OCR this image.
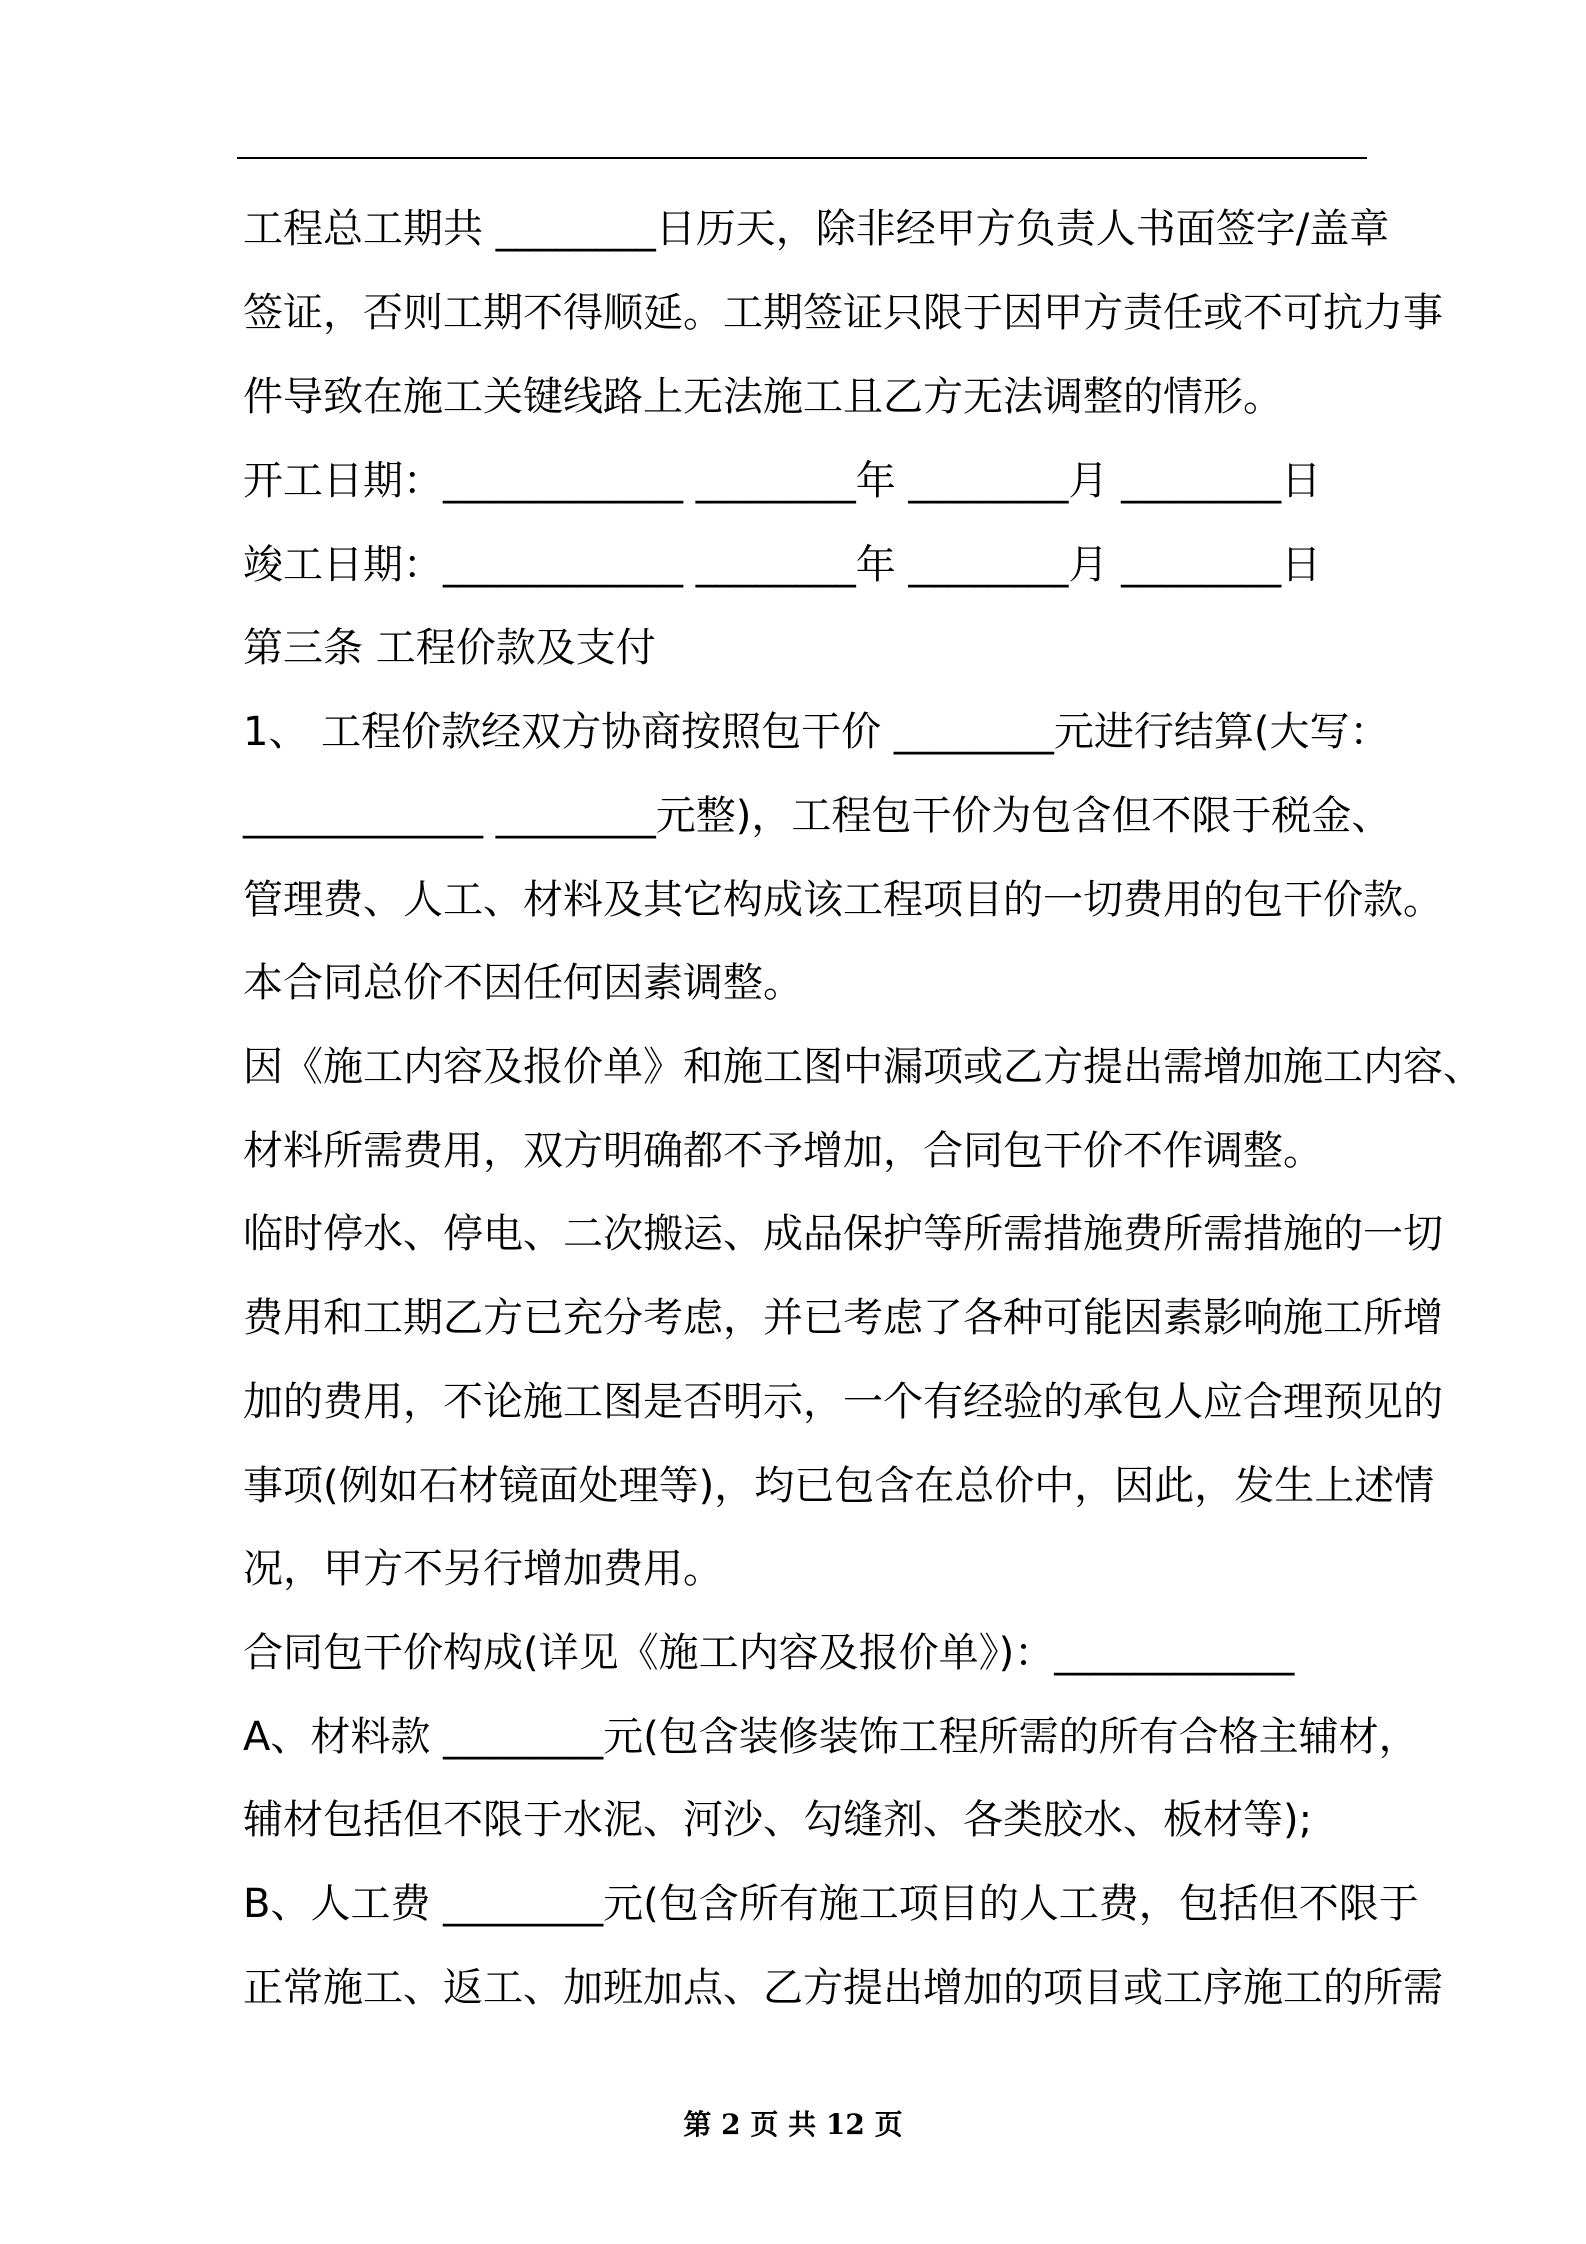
工程总工期共 ________日历天，除非经甲方负责人书面签字/盖章
签证，否则工期不得顺延。工期签证只限于因甲方责任或不可抗力事
件导致在施工关键线路上无法施工且乙方无法调整的情形。
开工日期：____________ ________年 ________月 ________日
竣工日期：____________ ________年 ________月 ________日
第三条 工程价款及支付
1、 工程价款经双方协商按照包干价 ________元进行结算(大写：
____________ ________元整)，工程包干价为包含但不限于税金、
管理费、人工、材料及其它构成该工程项目的一切费用的包干价款。
本合同总价不因任何因素调整。
因《施工内容及报价单》和施工图中漏项或乙方提出需增加施工内容、
材料所需费用，双方明确都不予增加，合同包干价不作调整。
临时停水、停电、二次搬运、成品保护等所需措施费所需措施的一切
费用和工期乙方已充分考虑，并已考虑了各种可能因素影响施工所增
加的费用，不论施工图是否明示，一个有经验的承包人应合理预见的
事项(例如石材镜面处理等)，均已包含在总价中，因此，发生上述情
况，甲方不另行增加费用。
合同包干价构成(详见《施工内容及报价单》)：____________
A、材料款 ________元(包含装修装饰工程所需的所有合格主辅材，
辅材包括但不限于水泥、河沙、勾缝剂、各类胶水、板材等);
B、人工费 ________元(包含所有施工项目的人工费，包括但不限于
正常施工、返工、加班加点、乙方提出增加的项目或工序施工的所需
第 2 页 共 12 页
